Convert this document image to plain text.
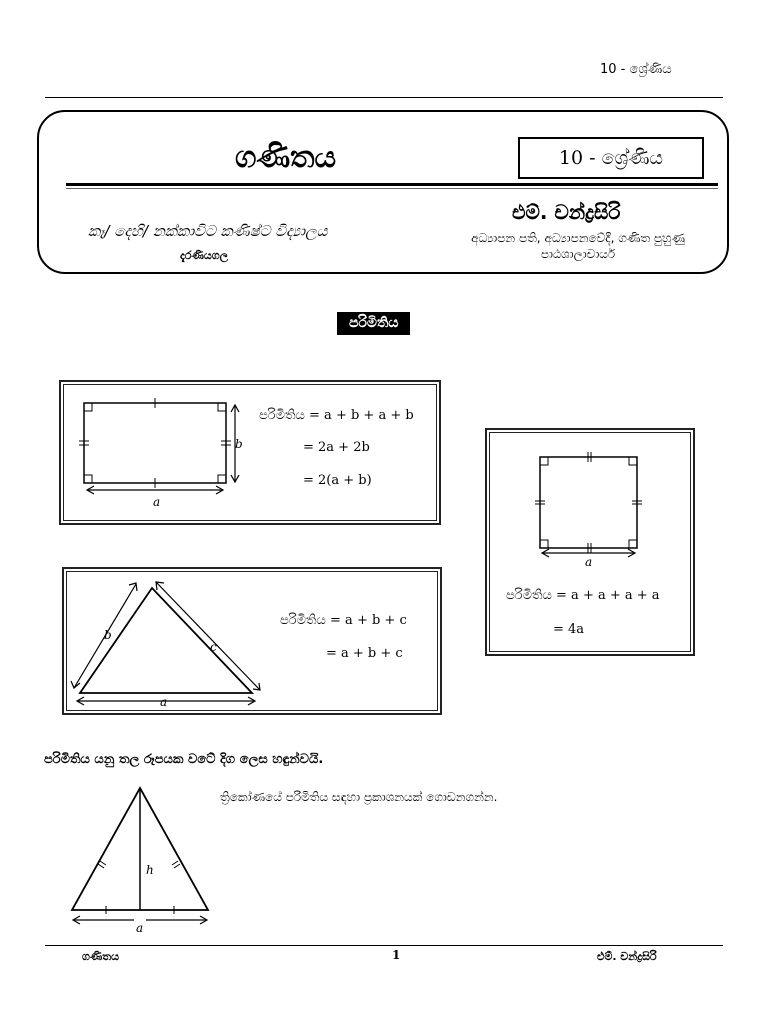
10 - ශ්‍රේණිය
ගණිතය	10 - ශ්‍රේණිය
එම්. චන්ද්‍රසිරි
කෑ/ දෙහි/ නක්කාවිට කණිෂ්ට විද්‍යාලය
දැරණියගල
අධ්‍යාපන පති, අධ්‍යාපනවේදී, ගණිත පුහුණු පාඨශාලාචාර්ය
පරිමිතිය
b
a
පරිමිතිය = a + b + a + b
= 2a + 2b
= 2(a + b)
a
පරිමිතිය = a + a + a + a
= 4a
b
c
a
පරිමිතිය = a + b + c
= a + b + c
පරිමිතිය යනු තල රූපයක වටේ දිග ලෙස හඳුන්වයි.
h
a
ත්‍රිකෝණයේ පරිමිතිය සඳහා ප්‍රකාශනයක් ගොඩනගන්න.
ගණිතය	1	එම්. චන්ද්‍රසිරි
